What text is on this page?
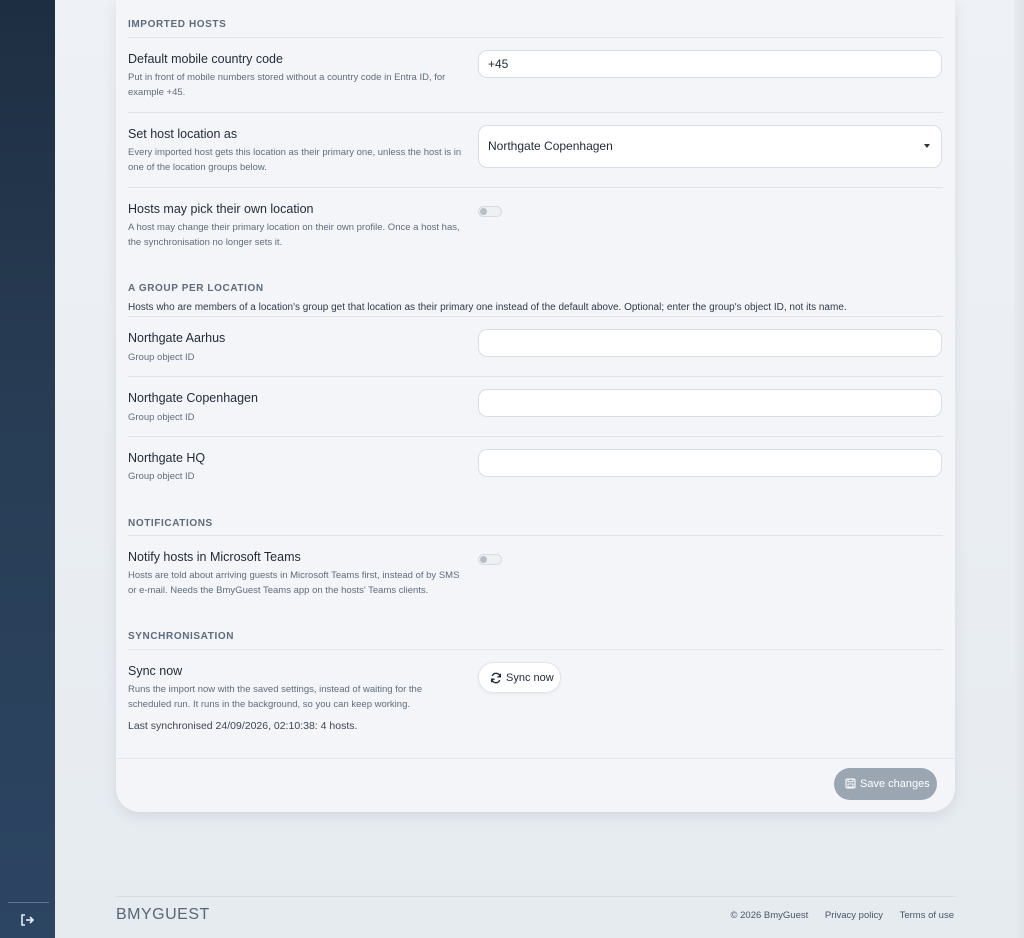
IMPORTED HOSTS
Default mobile country code
Put in front of mobile numbers stored without a country code in Entra ID, for example +45.
+45
Set host location as
Every imported host gets this location as their primary one, unless the host is in one of the location groups below.
Northgate Copenhagen
Hosts may pick their own location
A host may change their primary location on their own profile. Once a host has, the synchronisation no longer sets it.
A GROUP PER LOCATION
Hosts who are members of a location's group get that location as their primary one instead of the default above. Optional; enter the group's object ID, not its name.
Northgate Aarhus
Group object ID
Northgate Copenhagen
Group object ID
Northgate HQ
Group object ID
NOTIFICATIONS
Notify hosts in Microsoft Teams
Hosts are told about arriving guests in Microsoft Teams first, instead of by SMS or e-mail. Needs the BmyGuest Teams app on the hosts' Teams clients.
SYNCHRONISATION
Sync now
Runs the import now with the saved settings, instead of waiting for the scheduled run. It runs in the background, so you can keep working.
Last synchronised 24/09/2026, 02:10:38: 4 hosts.
Sync now
Save changes
BMYGUEST	© 2026 BmyGuest Privacy policy Terms of use
